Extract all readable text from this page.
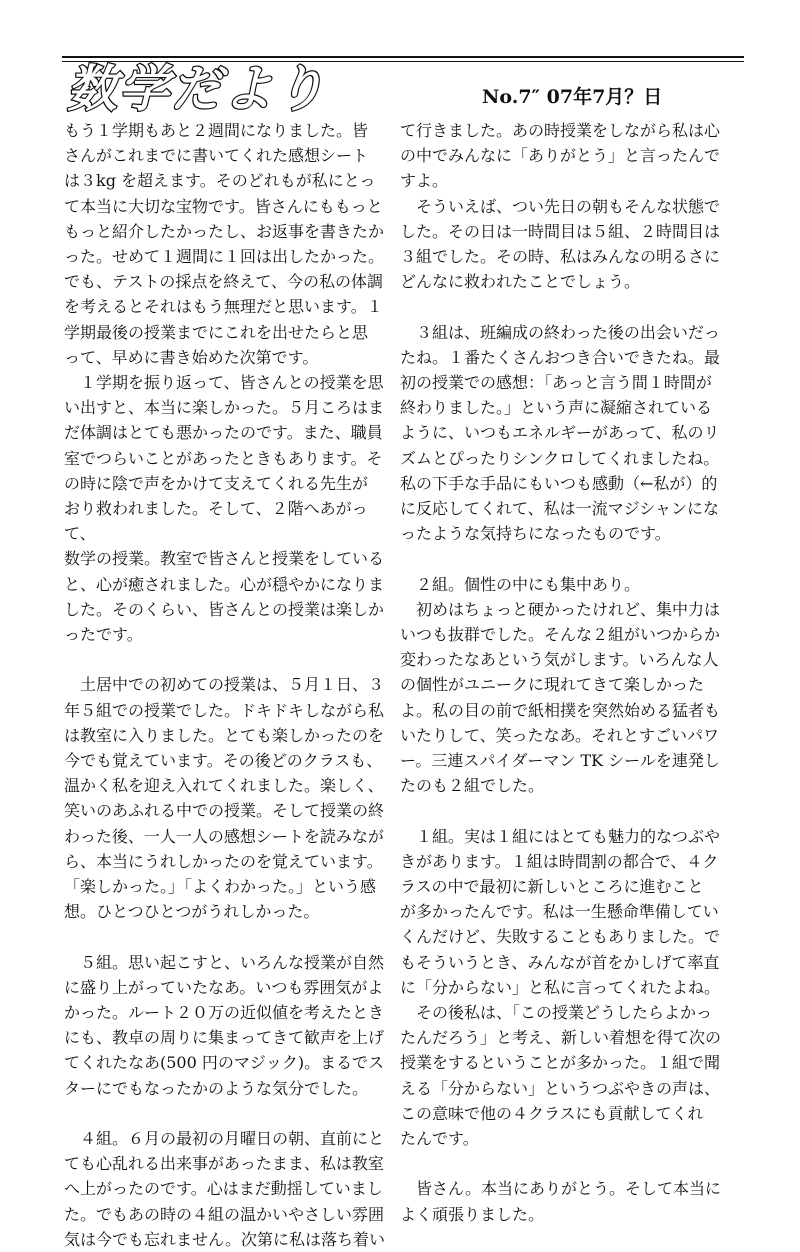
数学だより	No.7″ 07年7月？日

もう１学期もあと２週間になりました。皆

さんがこれまでに書いてくれた感想シート

は３kg を超えます。そのどれもが私にとっ

て本当に大切な宝物です。皆さんにももっと

もっと紹介したかったし、お返事を書きたか

った。せめて１週間に１回は出したかった。

でも、テストの採点を終えて、今の私の体調

を考えるとそれはもう無理だと思います。１

学期最後の授業までにこれを出せたらと思

って、早めに書き始めた次第です。

　１学期を振り返って、皆さんとの授業を思

い出すと、本当に楽しかった。５月ころはま

だ体調はとても悪かったのです。また、職員

室でつらいことがあったときもあります。そ

の時に陰で声をかけて支えてくれる先生が

おり救われました。そして、２階へあがって、

数学の授業。教室で皆さんと授業をしている

と、心が癒されました。心が穏やかになりま

した。そのくらい、皆さんとの授業は楽しか

ったです。

　土居中での初めての授業は、５月１日、３

年５組での授業でした。ドキドキしながら私

は教室に入りました。とても楽しかったのを

今でも覚えています。その後どのクラスも、

温かく私を迎え入れてくれました。楽しく、

笑いのあふれる中での授業。そして授業の終

わった後、一人一人の感想シートを読みなが

ら、本当にうれしかったのを覚えています。

「楽しかった。」「よくわかった。」という感

想。ひとつひとつがうれしかった。

　５組。思い起こすと、いろんな授業が自然

に盛り上がっていたなあ。いつも雰囲気がよ

かった。ルート２０万の近似値を考えたとき

にも、教卓の周りに集まってきて歓声を上げ

てくれたなあ(500 円のマジック)。まるでス

ターにでもなったかのような気分でした。

　４組。６月の最初の月曜日の朝、直前にと

ても心乱れる出来事があったまま、私は教室

へ上がったのです。心はまだ動揺していまし

た。でもあの時の４組の温かいやさしい雰囲

気は今でも忘れません。次第に私は落ち着い

て行きました。あの時授業をしながら私は心

の中でみんなに「ありがとう」と言ったんで

すよ。

　そういえば、つい先日の朝もそんな状態で

した。その日は一時間目は５組、２時間目は

３組でした。その時、私はみんなの明るさに

どんなに救われたことでしょう。

　３組は、班編成の終わった後の出会いだっ

たね。１番たくさんおつき合いできたね。最

初の授業での感想：「あっと言う間１時間が

終わりました。」という声に凝縮されている

ように、いつもエネルギーがあって、私のリ

ズムとぴったりシンクロしてくれましたね。

私の下手な手品にもいつも感動（←私が）的

に反応してくれて、私は一流マジシャンにな

ったような気持ちになったものです。

　２組。個性の中にも集中あり。

　初めはちょっと硬かったけれど、集中力は

いつも抜群でした。そんな２組がいつからか

変わったなあという気がします。いろんな人

の個性がユニークに現れてきて楽しかった

よ。私の目の前で紙相撲を突然始める猛者も

いたりして、笑ったなあ。それとすごいパワ

ー。三連スパイダーマン TK シールを連発し

たのも２組でした。

　１組。実は１組にはとても魅力的なつぶや

きがあります。１組は時間割の都合で、４ク

ラスの中で最初に新しいところに進むこと

が多かったんです。私は一生懸命準備してい

くんだけど、失敗することもありました。で

もそういうとき、みんなが首をかしげて率直

に「分からない」と私に言ってくれたよね。

　その後私は、「この授業どうしたらよかっ

たんだろう」と考え、新しい着想を得て次の

授業をするということが多かった。１組で聞

える「分からない」というつぶやきの声は、

この意味で他の４クラスにも貢献してくれ

たんです。

　皆さん。本当にありがとう。そして本当に

よく頑張りました。
